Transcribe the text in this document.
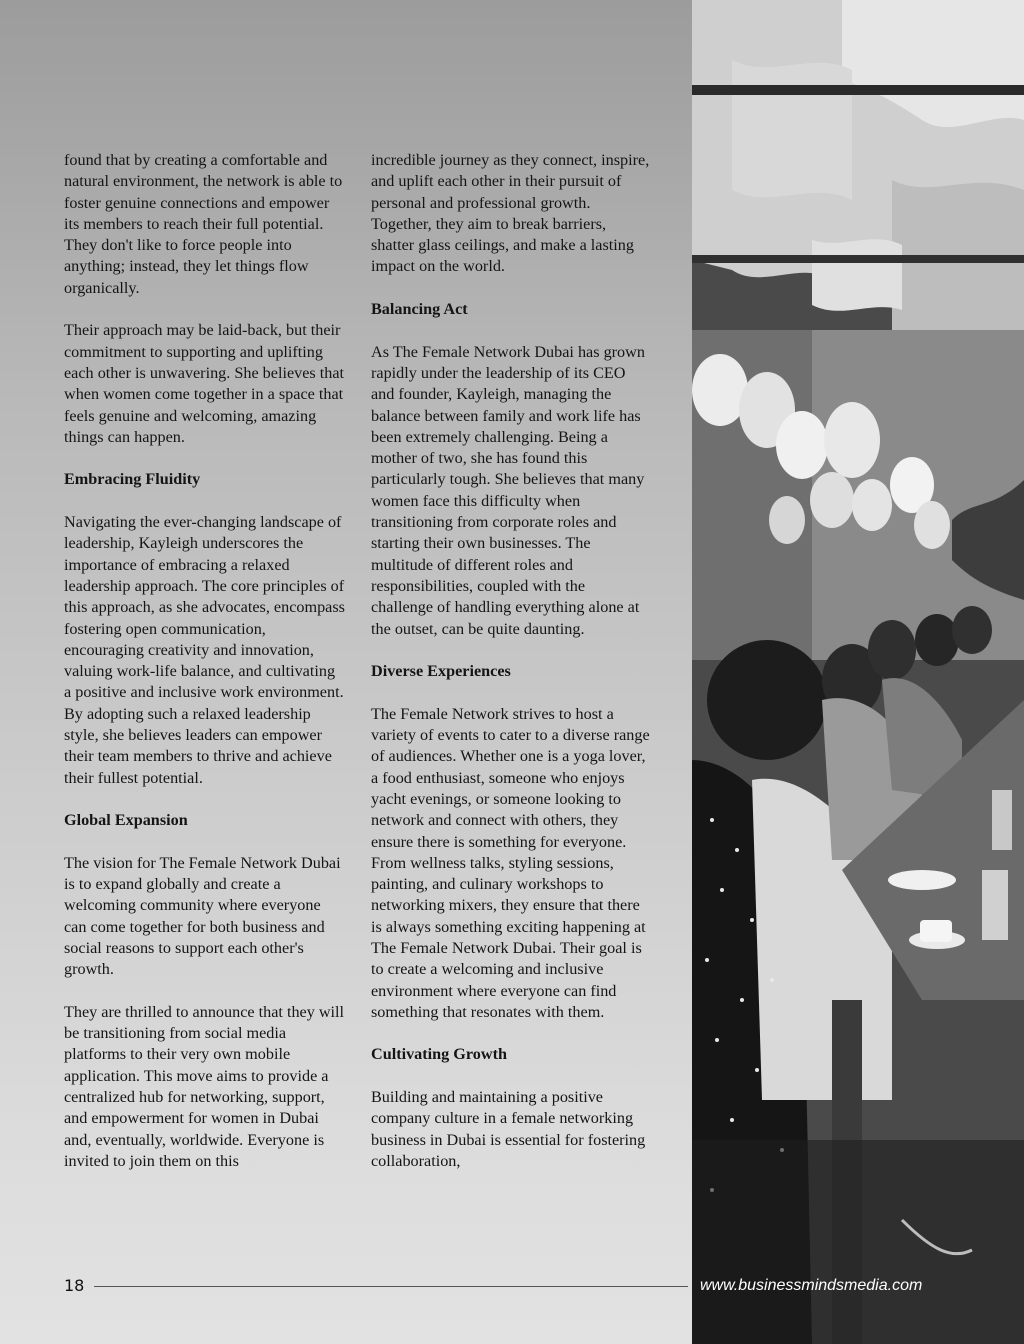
found that by creating a comfortable and natural environment, the network is able to foster genuine connections and empower its members to reach their full potential. They don't like to force people into anything; instead, they let things flow organically.

Their approach may be laid-back, but their commitment to supporting and uplifting each other is unwavering. She believes that when women come together in a space that feels genuine and welcoming, amazing things can happen.

Embracing Fluidity

Navigating the ever-changing landscape of leadership, Kayleigh underscores the importance of embracing a relaxed leadership approach. The core principles of this approach, as she advocates, encompass fostering open communication, encouraging creativity and innovation, valuing work-life balance, and cultivating a positive and inclusive work environment. By adopting such a relaxed leadership style, she believes leaders can empower their team members to thrive and achieve their fullest potential.

Global Expansion

The vision for The Female Network Dubai is to expand globally and create a welcoming community where everyone can come together for both business and social reasons to support each other's growth.

They are thrilled to announce that they will be transitioning from social media platforms to their very own mobile application. This move aims to provide a centralized hub for networking, support, and empowerment for women in Dubai and, eventually, worldwide. Everyone is invited to join them on this

incredible journey as they connect, inspire, and uplift each other in their pursuit of personal and professional growth. Together, they aim to break barriers, shatter glass ceilings, and make a lasting impact on the world.

Balancing Act

As The Female Network Dubai has grown rapidly under the leadership of its CEO and founder, Kayleigh, managing the balance between family and work life has been extremely challenging. Being a mother of two, she has found this particularly tough. She believes that many women face this difficulty when transitioning from corporate roles and starting their own businesses. The multitude of different roles and responsibilities, coupled with the challenge of handling everything alone at the outset, can be quite daunting.

Diverse Experiences

The Female Network strives to host a variety of events to cater to a diverse range of audiences. Whether one is a yoga lover, a food enthusiast, someone who enjoys yacht evenings, or someone looking to network and connect with others, they ensure there is something for everyone. From wellness talks, styling sessions, painting, and culinary workshops to networking mixers, they ensure that there is always something exciting happening at The Female Network Dubai. Their goal is to create a welcoming and inclusive environment where everyone can find something that resonates with them.

Cultivating Growth

Building and maintaining a positive company culture in a female networking business in Dubai is essential for fostering collaboration,

18	www.businessmindsmedia.com
